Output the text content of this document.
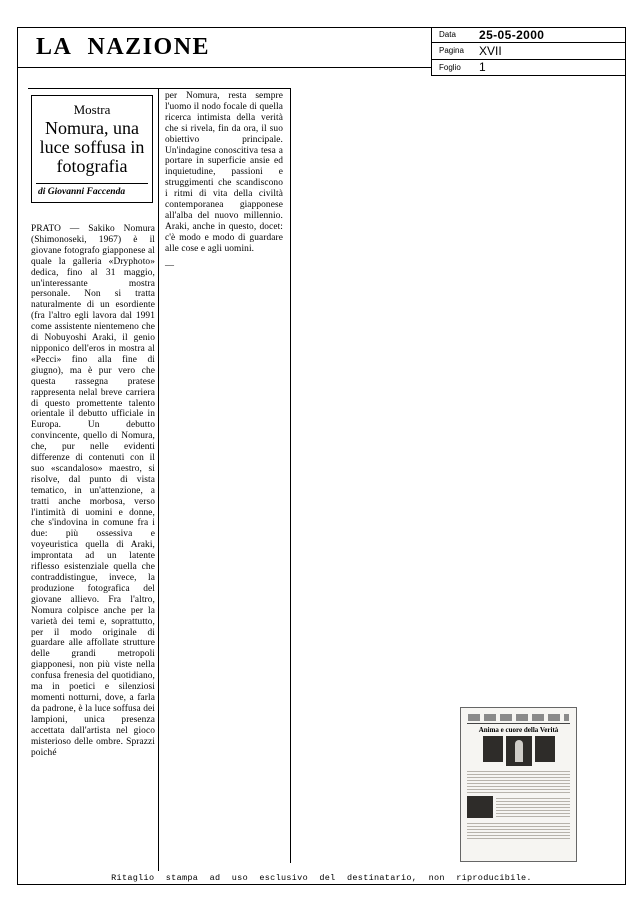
LA NAZIONE	Data	25-05-2000
Pagina	XVII
Foglio	1
Mostra
Nomura, una luce soffusa in fotografia
di Giovanni Faccenda
PRATO — Sakiko Nomura (Shimonoseki, 1967) è il giovane fotografo giapponese al quale la galleria «Dryphoto» dedica, fino al 31 maggio, un'interessante mostra personale. Non si tratta naturalmente di un esordiente (fra l'altro egli lavora dal 1991 come assistente nientemeno che di Nobuyoshi Araki, il genio nipponico dell'eros in mostra al «Pecci» fino alla fine di giugno), ma è pur vero che questa rassegna pratese rappresenta nelal breve carriera di questo promettente talento orientale il debutto ufficiale in Europa. Un debutto convincente, quello di Nomura, che, pur nelle evidenti differenze di contenuti con il suo «scandaloso» maestro, si risolve, dal punto di vista tematico, in un'attenzione, a tratti anche morbosa, verso l'intimità di uomini e donne, che s'indovina in comune fra i due: più ossessiva e voyeuristica quella di Araki, improntata ad un latente riflesso esistenziale quella che contraddistingue, invece, la produzione fotografica del giovane allievo. Fra l'altro, Nomura colpisce anche per la varietà dei temi e, soprattutto, per il modo originale di guardare alle affollate strutture delle grandi metropoli giapponesi, non più viste nella confusa frenesia del quotidiano, ma in poetici e silenziosi momenti notturni, dove, a farla da padrone, è la luce soffusa dei lampioni, unica presenza accettata dall'artista nel gioco misterioso delle ombre. Sprazzi poiché
per Nomura, resta sempre l'uomo il nodo focale di quella ricerca intimista della verità che si rivela, fin da ora, il suo obiettivo principale. Un'indagine conoscitiva tesa a portare in superficie ansie ed inquietudine, passioni e struggimenti che scandiscono i ritmi di vita della civiltà contemporanea giapponese all'alba del nuovo millennio. Araki, anche in questo, docet: c'è modo e modo di guardare alle cose e agli uomini.
—
Anima e cuore della Verità
Ritaglio stampa ad uso esclusivo del destinatario, non riproducibile.
